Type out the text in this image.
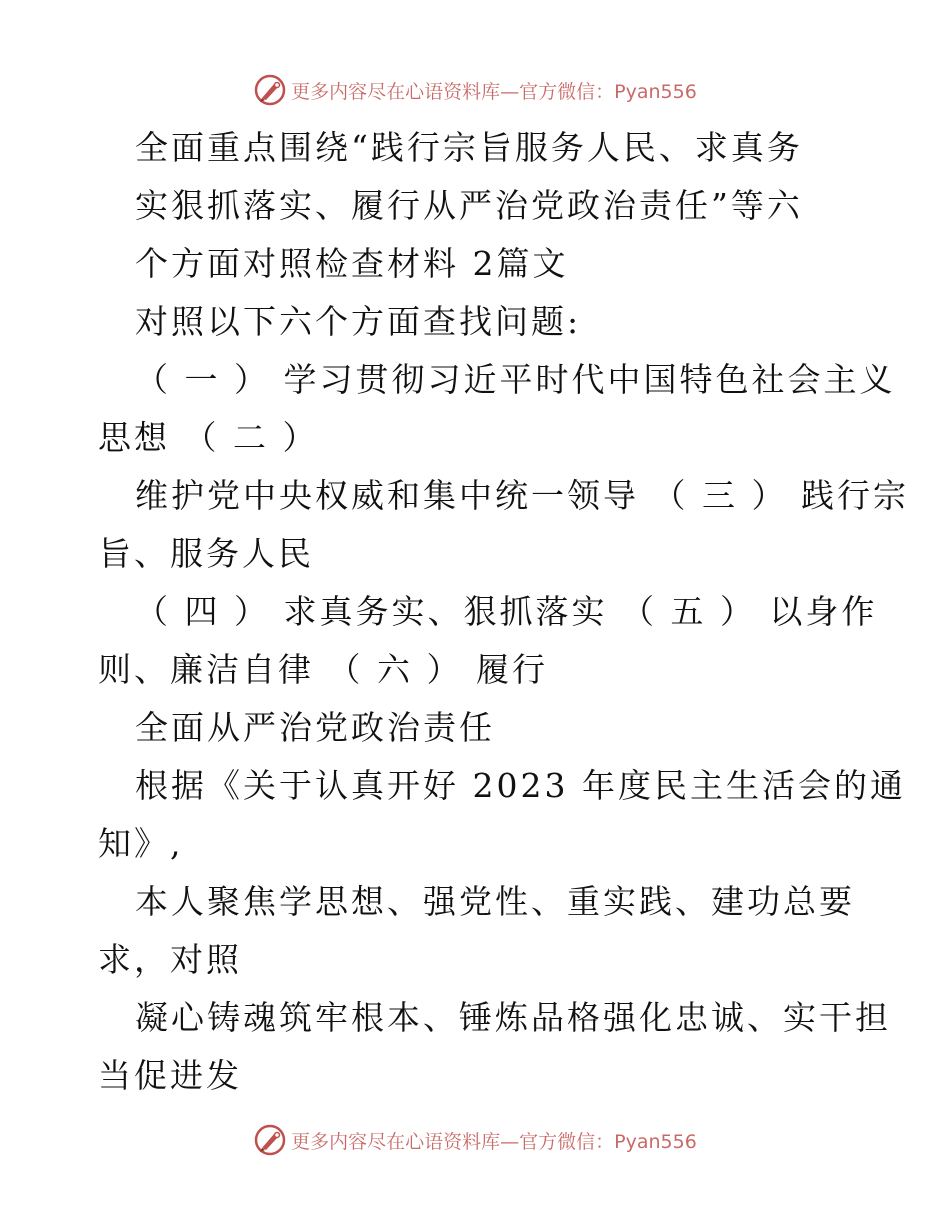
更多内容尽在心语资料库—官方微信：Pyan556
全面重点围绕“践行宗旨服务人民、求真务
实狠抓落实、履行从严治党政治责任”等六
个方面对照检查材料 2篇文
对照以下六个方面查找问题:
（ 一 ） 学习贯彻习近平时代中国特色社会主义
思想 （ 二 ）
维护党中央权威和集中统一领导 （ 三 ） 践行宗
旨、服务人民
（ 四 ） 求真务实、狠抓落实 （ 五 ） 以身作
则、廉洁自律 （ 六 ） 履行
全面从严治党政治责任
根据《关于认真开好 2023 年度民主生活会的通
知》,
本人聚焦学思想、强党性、重实践、建功总要
求，对照
凝心铸魂筑牢根本、锤炼品格强化忠诚、实干担
当促进发
更多内容尽在心语资料库—官方微信：Pyan556
